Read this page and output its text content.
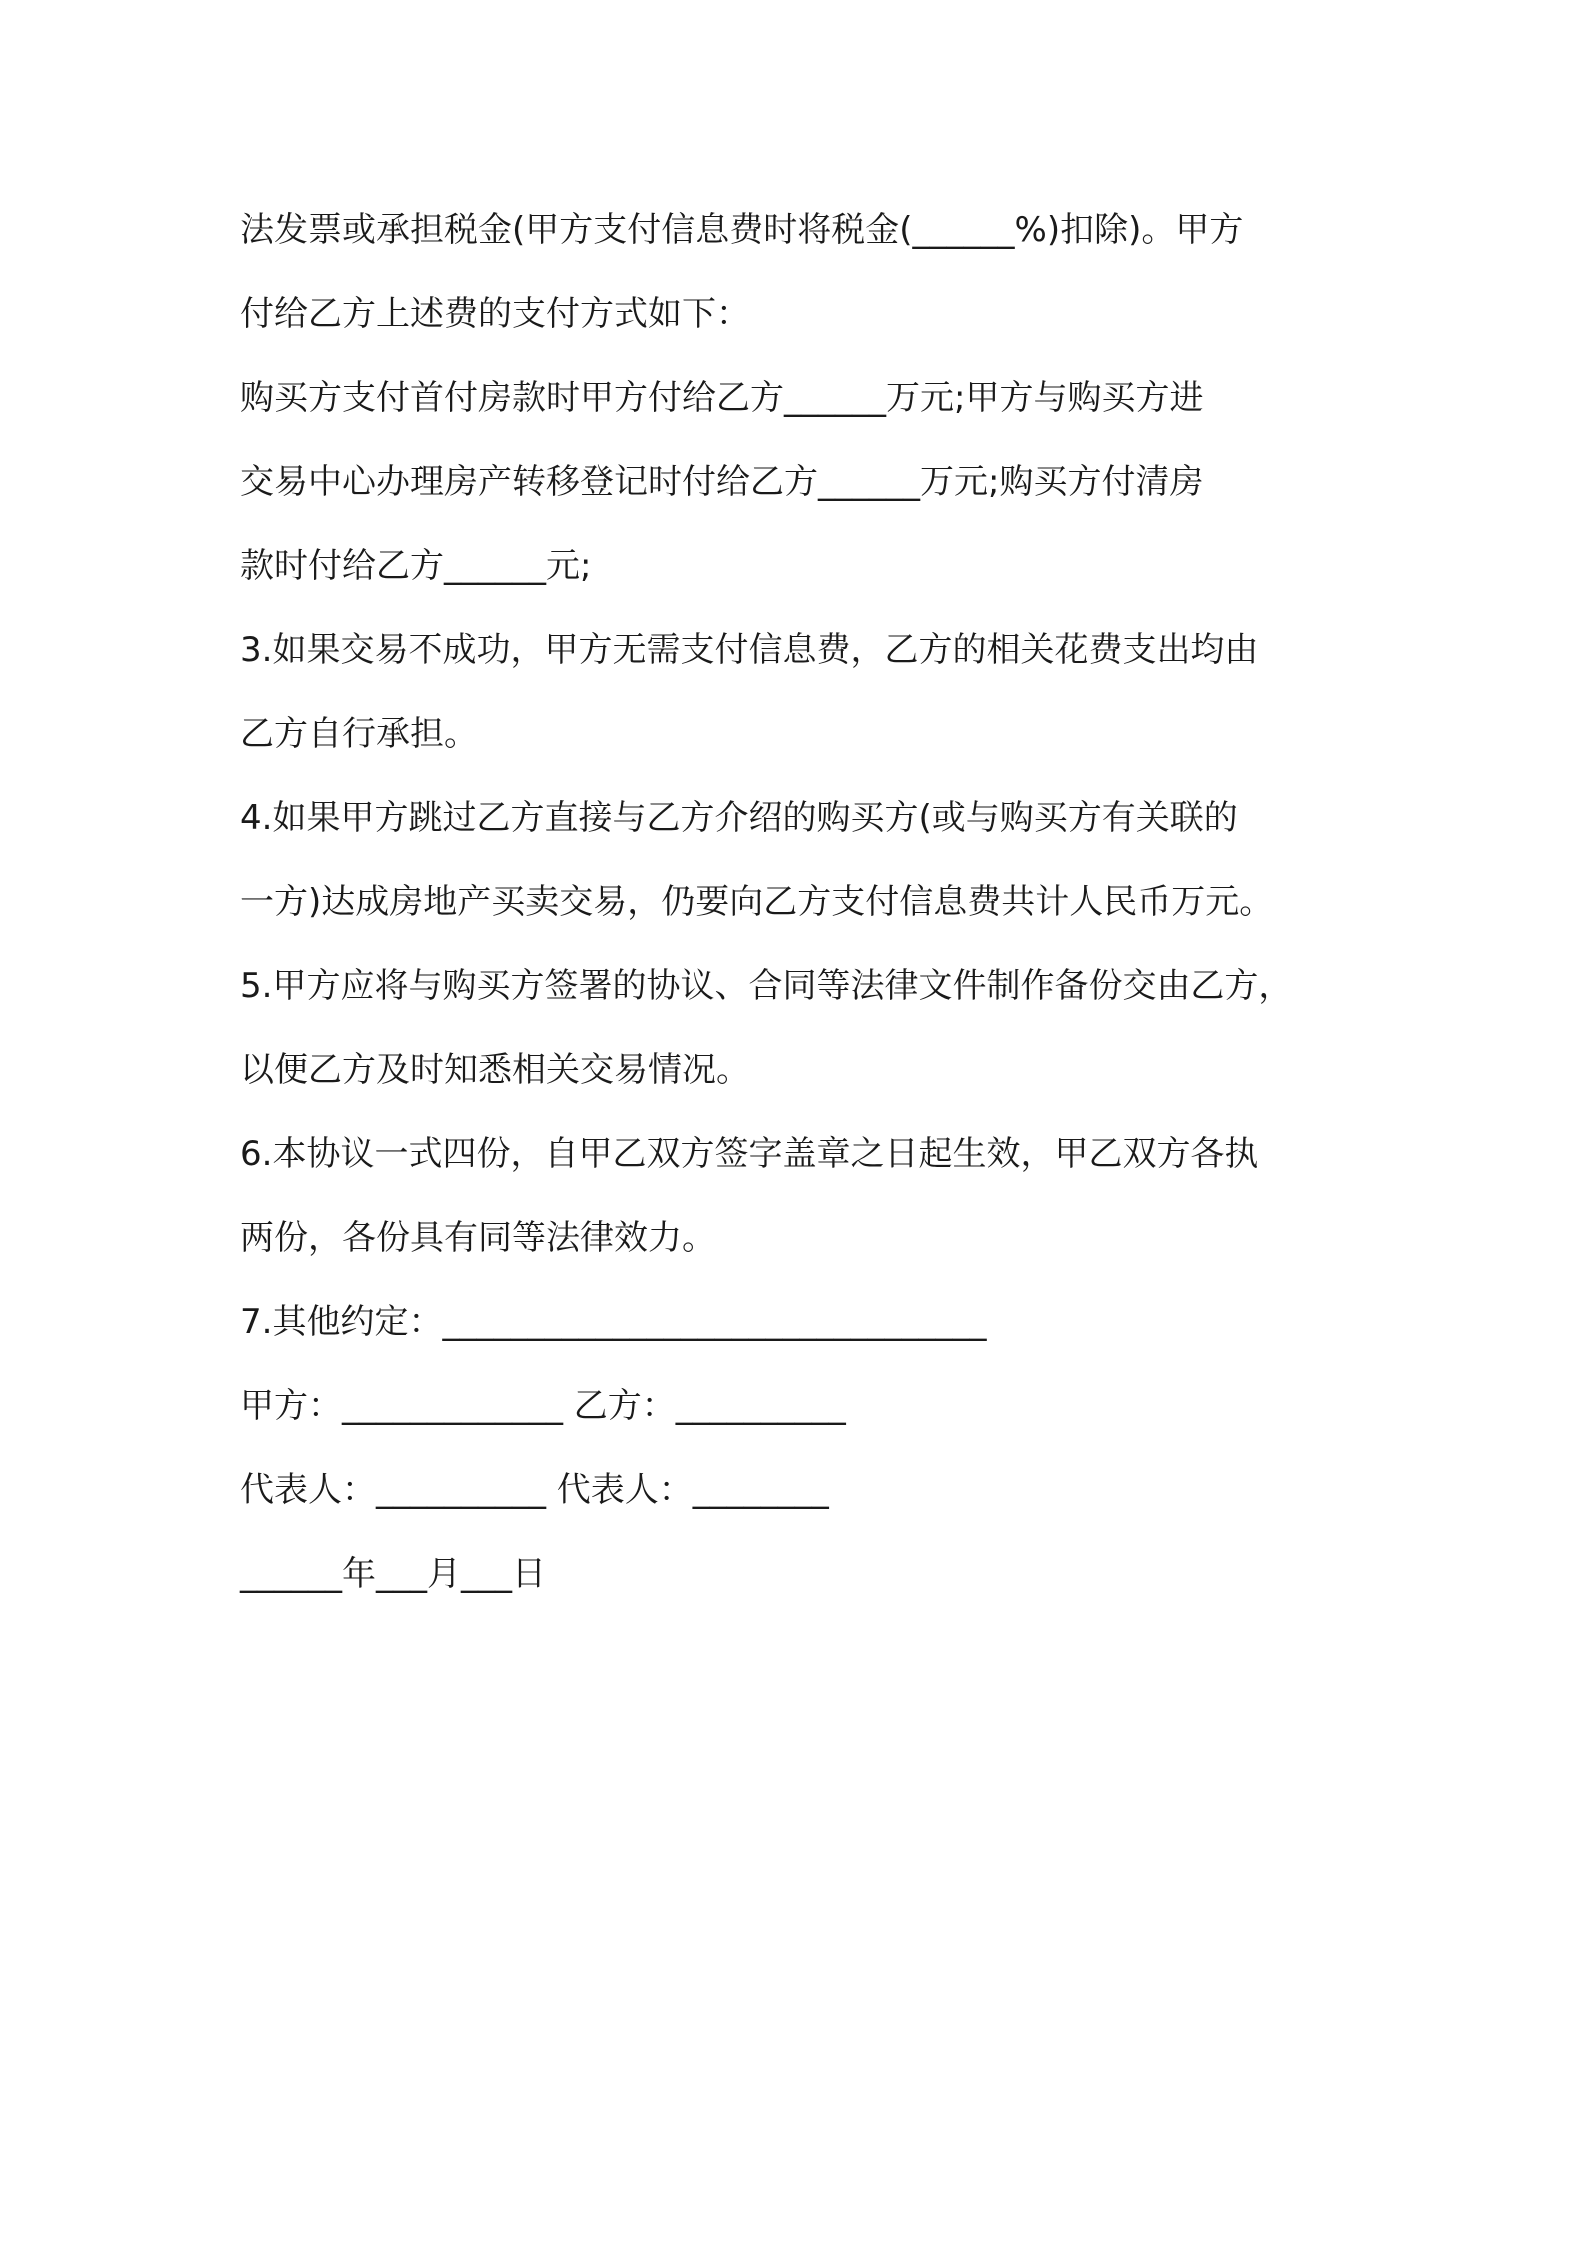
法发票或承担税金(甲方支付信息费时将税金(______%)扣除)。甲方

付给乙方上述费的支付方式如下：

购买方支付首付房款时甲方付给乙方______万元;甲方与购买方进

交易中心办理房产转移登记时付给乙方______万元;购买方付清房

款时付给乙方______元;

3.如果交易不成功，甲方无需支付信息费，乙方的相关花费支出均由

乙方自行承担。

4.如果甲方跳过乙方直接与乙方介绍的购买方(或与购买方有关联的

一方)达成房地产买卖交易，仍要向乙方支付信息费共计人民币万元。

5.甲方应将与购买方签署的协议、合同等法律文件制作备份交由乙方，

以便乙方及时知悉相关交易情况。

6.本协议一式四份，自甲乙双方签字盖章之日起生效，甲乙双方各执

两份，各份具有同等法律效力。

7.其他约定：________________________________

甲方：_____________ 乙方：__________

代表人：__________ 代表人：________

______年___月___日
